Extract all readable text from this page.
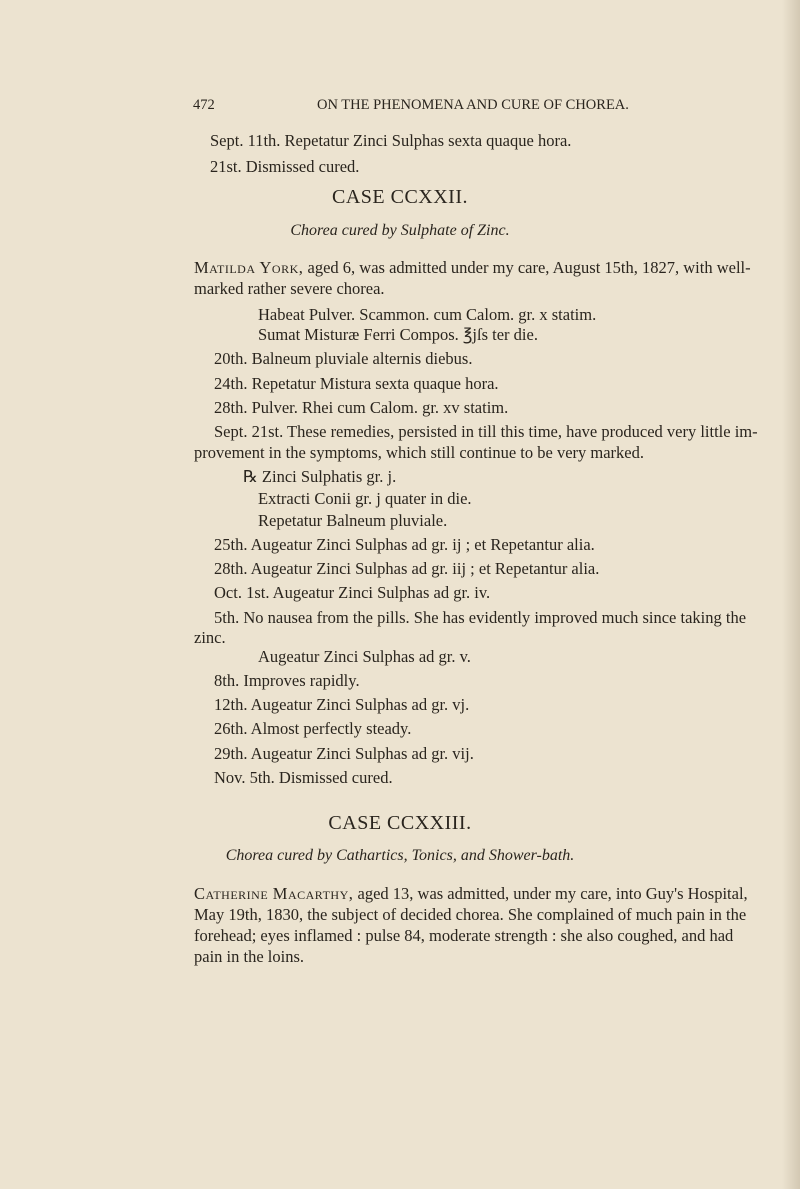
472	ON THE PHENOMENA AND CURE OF CHOREA.
Sept. 11th. Repetatur Zinci Sulphas sexta quaque hora.
21st. Dismissed cured.
CASE CCXXII.
Chorea cured by Sulphate of Zinc.
Matilda York, aged 6, was admitted under my care, August 15th, 1827, with well-
marked rather severe chorea.
Habeat Pulver. Scammon. cum Calom. gr. x statim.
Sumat Misturæ Ferri Compos. ℥jſs ter die.
20th. Balneum pluviale alternis diebus.
24th. Repetatur Mistura sexta quaque hora.
28th. Pulver. Rhei cum Calom. gr. xv statim.
Sept. 21st. These remedies, persisted in till this time, have produced very little im-
provement in the symptoms, which still continue to be very marked.
℞ Zinci Sulphatis gr. j.
Extracti Conii gr. j quater in die.
Repetatur Balneum pluviale.
25th. Augeatur Zinci Sulphas ad gr. ij ; et Repetantur alia.
28th. Augeatur Zinci Sulphas ad gr. iij ; et Repetantur alia.
Oct. 1st. Augeatur Zinci Sulphas ad gr. iv.
5th. No nausea from the pills. She has evidently improved much since taking the
zinc.
Augeatur Zinci Sulphas ad gr. v.
8th. Improves rapidly.
12th. Augeatur Zinci Sulphas ad gr. vj.
26th. Almost perfectly steady.
29th. Augeatur Zinci Sulphas ad gr. vij.
Nov. 5th. Dismissed cured.
CASE CCXXIII.
Chorea cured by Cathartics, Tonics, and Shower-bath.
Catherine Macarthy, aged 13, was admitted, under my care, into Guy's Hospital,
May 19th, 1830, the subject of decided chorea. She complained of much pain in the
forehead; eyes inflamed : pulse 84, moderate strength : she also coughed, and had
pain in the loins.
